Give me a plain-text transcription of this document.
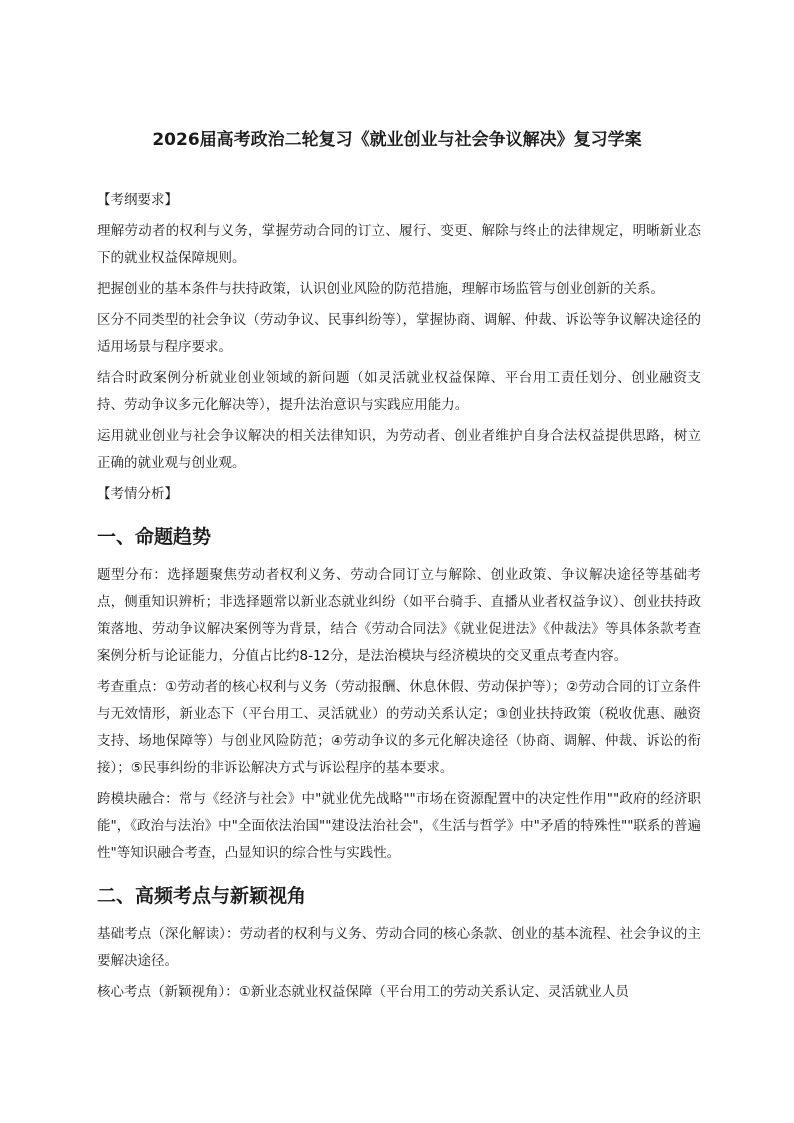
2026届高考政治二轮复习《就业创业与社会争议解决》复习学案
【考纲要求】

理解劳动者的权利与义务，掌握劳动合同的订立、履行、变更、解除与终止的法律规定，明晰新业态下的就业权益保障规则。

把握创业的基本条件与扶持政策，认识创业风险的防范措施，理解市场监管与创业创新的关系。

区分不同类型的社会争议（劳动争议、民事纠纷等），掌握协商、调解、仲裁、诉讼等争议解决途径的适用场景与程序要求。

结合时政案例分析就业创业领域的新问题（如灵活就业权益保障、平台用工责任划分、创业融资支持、劳动争议多元化解决等），提升法治意识与实践应用能力。

运用就业创业与社会争议解决的相关法律知识，为劳动者、创业者维护自身合法权益提供思路，树立正确的就业观与创业观。

【考情分析】
一、命题趋势

题型分布：选择题聚焦劳动者权利义务、劳动合同订立与解除、创业政策、争议解决途径等基础考点，侧重知识辨析；非选择题常以新业态就业纠纷（如平台骑手、直播从业者权益争议）、创业扶持政策落地、劳动争议解决案例等为背景，结合《劳动合同法》《就业促进法》《仲裁法》等具体条款考查案例分析与论证能力，分值占比约8-12分，是法治模块与经济模块的交叉重点考查内容。

考查重点：①劳动者的核心权利与义务（劳动报酬、休息休假、劳动保护等）；②劳动合同的订立条件与无效情形，新业态下（平台用工、灵活就业）的劳动关系认定；③创业扶持政策（税收优惠、融资支持、场地保障等）与创业风险防范；④劳动争议的多元化解决途径（协商、调解、仲裁、诉讼的衔接）；⑤民事纠纷的非诉讼解决方式与诉讼程序的基本要求。

跨模块融合：常与《经济与社会》中"就业优先战略""市场在资源配置中的决定性作用""政府的经济职能"，《政治与法治》中"全面依法治国""建设法治社会"，《生活与哲学》中"矛盾的特殊性""联系的普遍性"等知识融合考查，凸显知识的综合性与实践性。

二、高频考点与新颖视角

基础考点（深化解读）：劳动者的权利与义务、劳动合同的核心条款、创业的基本流程、社会争议的主要解决途径。

核心考点（新颖视角）：①新业态就业权益保障（平台用工的劳动关系认定、灵活就业人员
